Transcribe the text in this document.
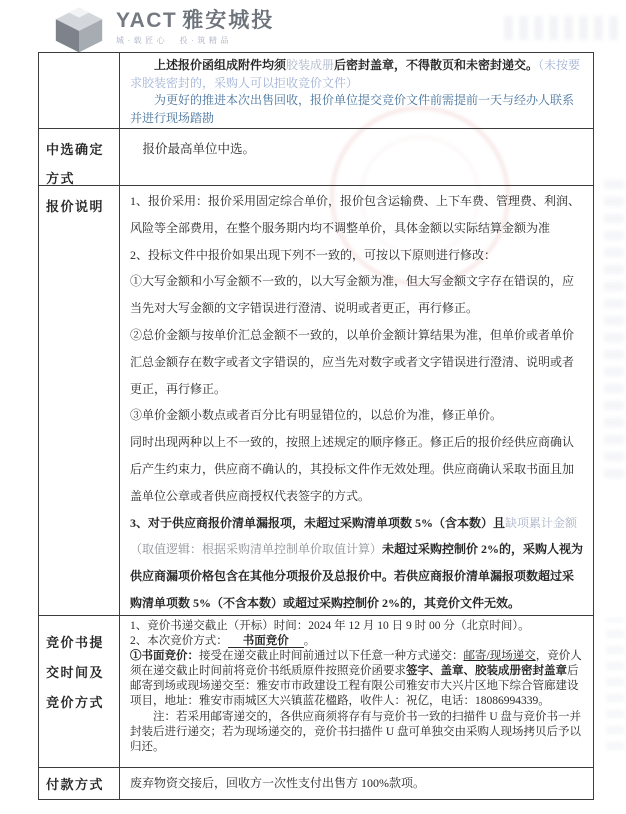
YACT 雅安城投
城·载匠心　投·筑精品

上述报价函组成附件均须胶装成册后密封盖章，不得散页和未密封递交。（未按要求胶装密封的，采购人可以拒收竞价文件）

为更好的推进本次出售回收，报价单位提交竞价文件前需提前一天与经办人联系并进行现场踏勘

中选确定方式
报价最高单位中选。
报价说明	1、报价采用：报价采用固定综合单价，报价包含运输费、上下车费、管理费、利润、风险等全部费用，在整个服务期内均不调整单价，具体金额以实际结算金额为准

2、投标文件中报价如果出现下列不一致的，可按以下原则进行修改：

①大写金额和小写金额不一致的，以大写金额为准，但大写金额文字存在错误的，应当先对大写金额的文字错误进行澄清、说明或者更正，再行修正。

②总价金额与按单价汇总金额不一致的，以单价金额计算结果为准，但单价或者单价汇总金额存在数字或者文字错误的，应当先对数字或者文字错误进行澄清、说明或者更正，再行修正。

③单价金额小数点或者百分比有明显错位的，以总价为准，修正单价。

同时出现两种以上不一致的，按照上述规定的顺序修正。修正后的报价经供应商确认后产生约束力，供应商不确认的，其投标文件作无效处理。供应商确认采取书面且加盖单位公章或者供应商授权代表签字的方式。

3、对于供应商报价清单漏报项，未超过采购清单项数 5%（含本数）且缺项累计金额（取值逻辑：根据采购清单控制单价取值计算）未超过采购控制价 2%的，采购人视为供应商漏项价格包含在其他分项报价及总报价中。若供应商报价清单漏报项数超过采购清单项数 5%（不含本数）或超过采购控制价 2%的，其竞价文件无效。

竞价书提交时间及竞价方式

1、竞价书递交截止（开标）时间：2024 年 12 月 10 日 9 时 00 分（北京时间）。

2、本次竞价方式： 书面竞价 。

①书面竞价：接受在递交截止时间前通过以下任意一种方式递交：邮寄/现场递交，竞价人须在递交截止时间前将竞价书纸质原件按照竞价函要求签字、盖章、胶装成册密封盖章后邮寄到场或现场递交至：雅安市市政建设工程有限公司雅安市大兴片区地下综合管廊建设项目，地址：雅安市雨城区大兴镇蓝花楹路，收件人：祝亿，电话：18086994339。

注：若采用邮寄递交的，各供应商须将存有与竞价书一致的扫描件 U 盘与竞价书一并封装后进行递交；若为现场递交的，竞价书扫描件 U 盘可单独交由采购人现场拷贝后予以归还。

付款方式	废弃物资交接后，回收方一次性支付出售方 100%款项。
